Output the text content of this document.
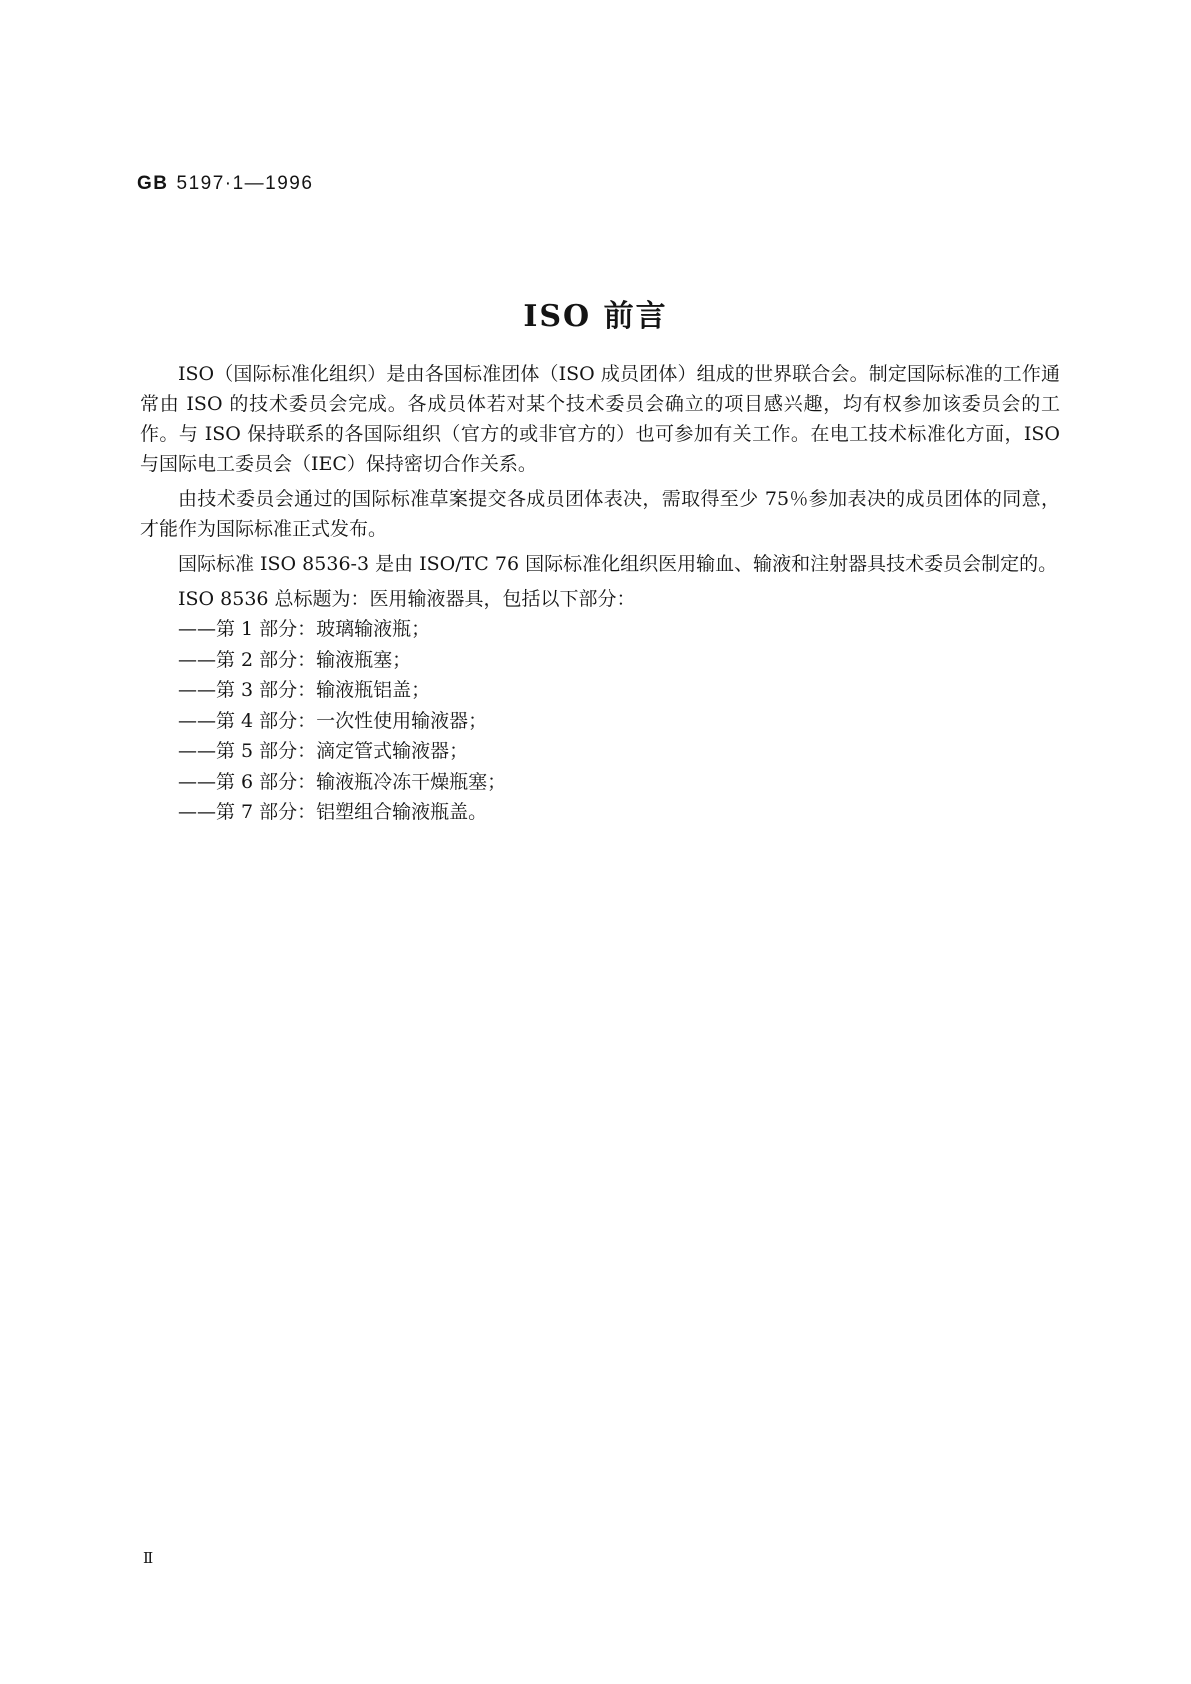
GB 5197·1—1996
ISO 前言

ISO（国际标准化组织）是由各国标准团体（ISO 成员团体）组成的世界联合会。制定国际标准的工作通常由 ISO 的技术委员会完成。各成员体若对某个技术委员会确立的项目感兴趣，均有权参加该委员会的工作。与 ISO 保持联系的各国际组织（官方的或非官方的）也可参加有关工作。在电工技术标准化方面，ISO 与国际电工委员会（IEC）保持密切合作关系。

由技术委员会通过的国际标准草案提交各成员团体表决，需取得至少 75％参加表决的成员团体的同意，才能作为国际标准正式发布。

国际标准 ISO 8536-3 是由 ISO/TC 76 国际标准化组织医用输血、输液和注射器具技术委员会制定的。

ISO 8536 总标题为：医用输液器具，包括以下部分：

——第 1 部分：玻璃输液瓶；
——第 2 部分：输液瓶塞；
——第 3 部分：输液瓶铝盖；
——第 4 部分：一次性使用输液器；
——第 5 部分：滴定管式输液器；
——第 6 部分：输液瓶冷冻干燥瓶塞；
——第 7 部分：铝塑组合输液瓶盖。
Ⅱ
